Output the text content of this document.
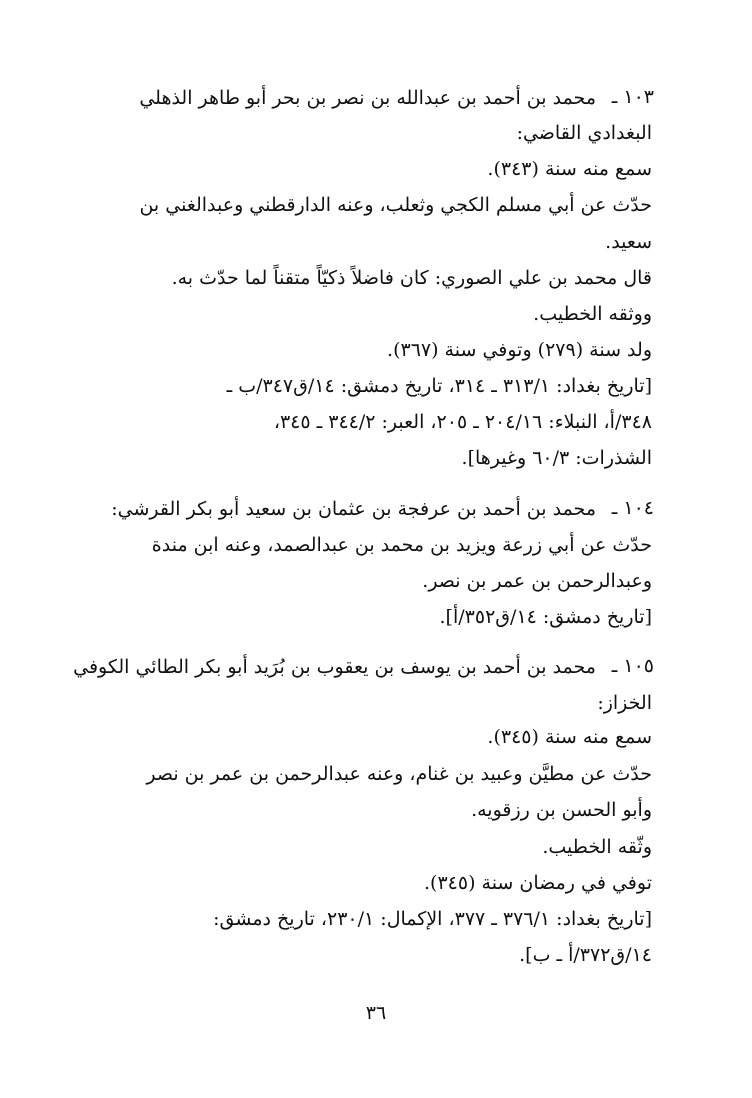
١٠٣ ـ
محمد بن أحمد بن عبدالله بن نصر بن بحر أبو طاهر الذهلي
البغدادي القاضي:
سمع منه سنة (٣٤٣).
حدّث عن أبي مسلم الكجي وثعلب، وعنه الدارقطني وعبدالغني بن
سعيد.
قال محمد بن علي الصوري: كان فاضلاً ذكيّاً متقناً لما حدّث به.
ووثقه الخطيب.
ولد سنة (٢٧٩) وتوفي سنة (٣٦٧).
[تاريخ بغداد: ٣١٣/١ ـ ٣١٤، تاريخ دمشق: ١٤/ق٣٤٧/ب ـ
٣٤٨/أ، النبلاء: ٢٠٤/١٦ ـ ٢٠٥، العبر: ٣٤٤/٢ ـ ٣٤٥،
الشذرات: ٦٠/٣ وغيرها].
١٠٤ ـ
محمد بن أحمد بن عرفجة بن عثمان بن سعيد أبو بكر القرشي:
حدّث عن أبي زرعة ويزيد بن محمد بن عبدالصمد، وعنه ابن مندة
وعبدالرحمن بن عمر بن نصر.
[تاريخ دمشق: ١٤/ق٣٥٢/أ].
١٠٥ ـ
محمد بن أحمد بن يوسف بن يعقوب بن بُرَيد أبو بكر الطائي الكوفي
الخزاز:
سمع منه سنة (٣٤٥).
حدّث عن مطيَّن وعبيد بن غنام، وعنه عبدالرحمن بن عمر بن نصر
وأبو الحسن بن رزقويه.
وثّقه الخطيب.
توفي في رمضان سنة (٣٤٥).
[تاريخ بغداد: ٣٧٦/١ ـ ٣٧٧، الإكمال: ٢٣٠/١، تاريخ دمشق:
١٤/ق٣٧٢/أ ـ ب].
٣٦
